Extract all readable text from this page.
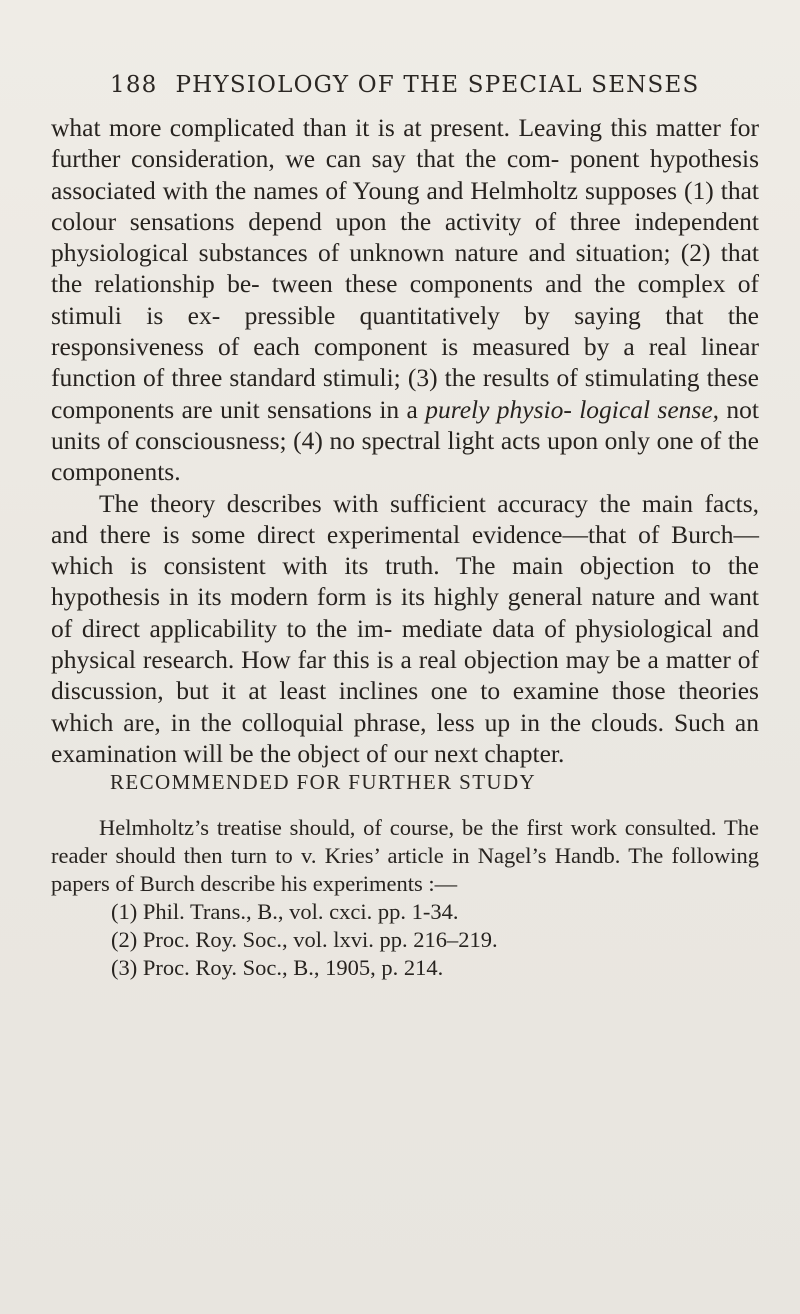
188 PHYSIOLOGY OF THE SPECIAL SENSES

what more complicated than it is at present. Leaving this matter for further consideration, we can say that the com- ponent hypothesis associated with the names of Young and Helmholtz supposes (1) that colour sensations depend upon the activity of three independent physiological substances of unknown nature and situation; (2) that the relationship be- tween these components and the complex of stimuli is ex- pressible quantitatively by saying that the responsiveness of each component is measured by a real linear function of three standard stimuli; (3) the results of stimulating these components are unit sensations in a purely physio- logical sense, not units of consciousness; (4) no spectral light acts upon only one of the components.

The theory describes with sufficient accuracy the main facts, and there is some direct experimental evidence—that of Burch—which is consistent with its truth. The main objection to the hypothesis in its modern form is its highly general nature and want of direct applicability to the im- mediate data of physiological and physical research. How far this is a real objection may be a matter of discussion, but it at least inclines one to examine those theories which are, in the colloquial phrase, less up in the clouds. Such an examination will be the object of our next chapter.

RECOMMENDED FOR FURTHER STUDY

Helmholtz’s treatise should, of course, be the first work consulted. The reader should then turn to v. Kries’ article in Nagel’s Handb. The following papers of Burch describe his experiments :—

(1) Phil. Trans., B., vol. cxci. pp. 1-34.
(2) Proc. Roy. Soc., vol. lxvi. pp. 216–219.
(3) Proc. Roy. Soc., B., 1905, p. 214.
